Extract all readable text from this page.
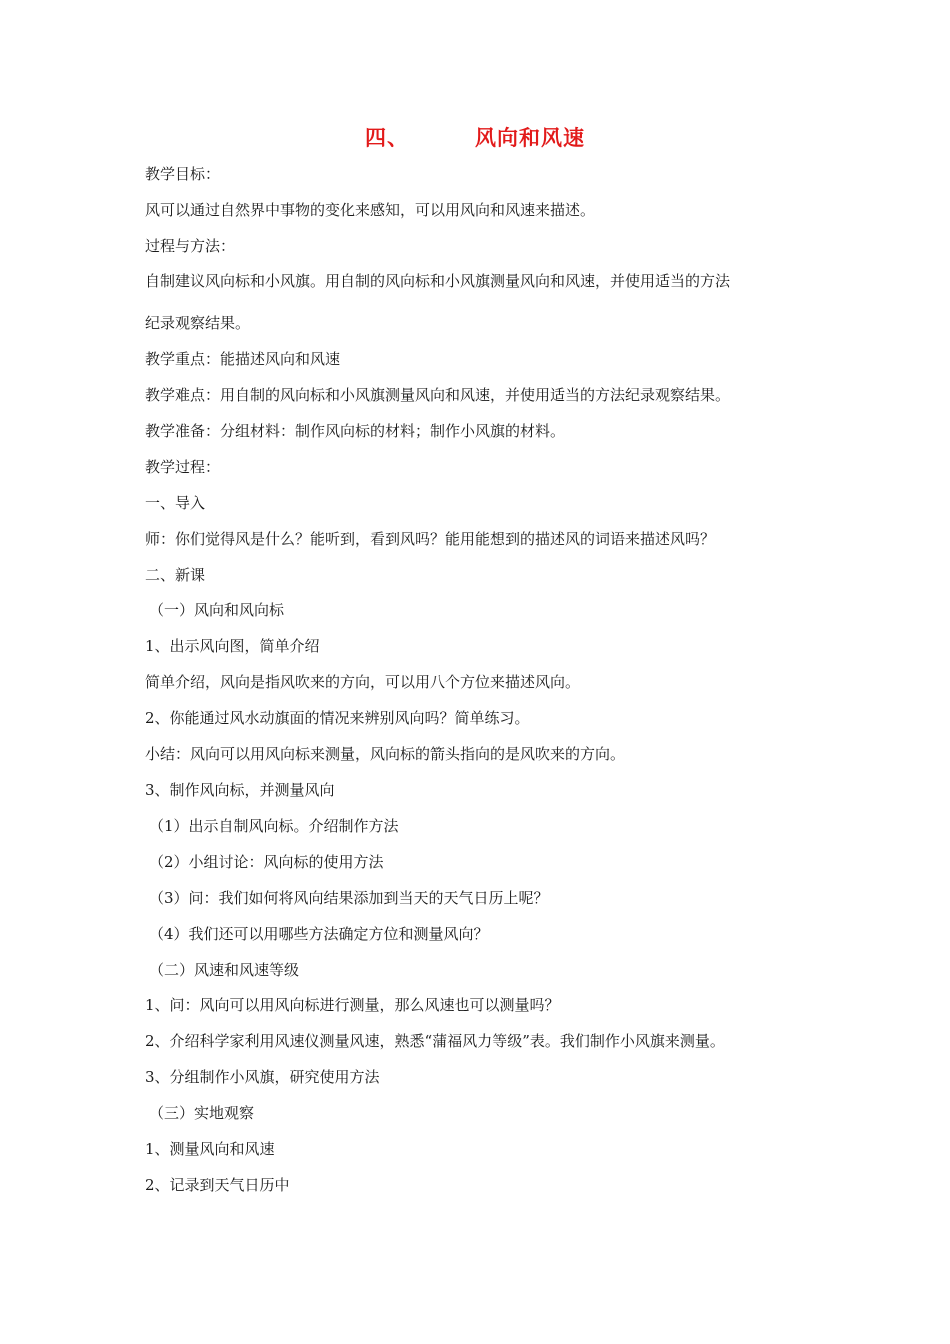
四、	风向和风速
教学目标：
风可以通过自然界中事物的变化来感知，可以用风向和风速来描述。
过程与方法：
自制建议风向标和小风旗。用自制的风向标和小风旗测量风向和风速，并使用适当的方法
纪录观察结果。
教学重点：能描述风向和风速
教学难点：用自制的风向标和小风旗测量风向和风速，并使用适当的方法纪录观察结果。
教学准备：分组材料：制作风向标的材料；制作小风旗的材料。
教学过程：
一、导入
师：你们觉得风是什么？能听到，看到风吗？能用能想到的描述风的词语来描述风吗？
二、新课
（一）风向和风向标
1、出示风向图，简单介绍
简单介绍，风向是指风吹来的方向，可以用八个方位来描述风向。
2、你能通过风水动旗面的情况来辨别风向吗？简单练习。
小结：风向可以用风向标来测量，风向标的箭头指向的是风吹来的方向。
3、制作风向标，并测量风向
（1）出示自制风向标。介绍制作方法
（2）小组讨论：风向标的使用方法
（3）问：我们如何将风向结果添加到当天的天气日历上呢？
（4）我们还可以用哪些方法确定方位和测量风向？
（二）风速和风速等级
1、问：风向可以用风向标进行测量，那么风速也可以测量吗？
2、介绍科学家利用风速仪测量风速，熟悉“蒲福风力等级”表。我们制作小风旗来测量。
3、分组制作小风旗，研究使用方法
（三）实地观察
1、测量风向和风速
2、记录到天气日历中
